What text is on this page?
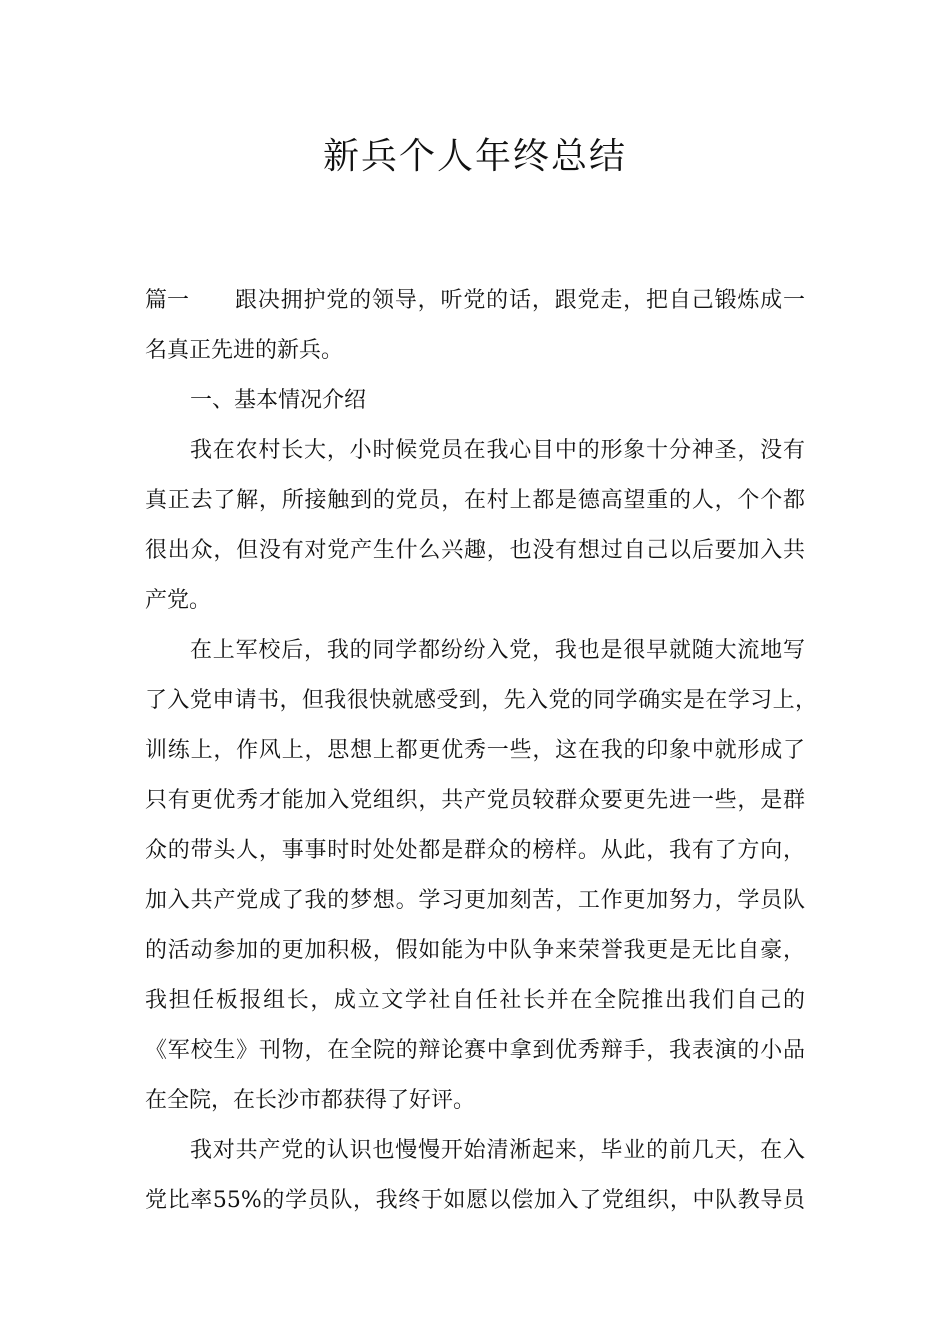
新兵个人年终总结
篇一 跟决拥护党的领导，听党的话，跟党走，把自己锻炼成一
名真正先进的新兵。
一、基本情况介绍
我在农村长大，小时候党员在我心目中的形象十分神圣，没有
真正去了解，所接触到的党员，在村上都是德高望重的人，个个都
很出众，但没有对党产生什么兴趣，也没有想过自己以后要加入共
产党。
在上军校后，我的同学都纷纷入党，我也是很早就随大流地写
了入党申请书，但我很快就感受到，先入党的同学确实是在学习上，
训练上，作风上，思想上都更优秀一些，这在我的印象中就形成了
只有更优秀才能加入党组织，共产党员较群众要更先进一些，是群
众的带头人，事事时时处处都是群众的榜样。从此，我有了方向，
加入共产党成了我的梦想。学习更加刻苦，工作更加努力，学员队
的活动参加的更加积极，假如能为中队争来荣誉我更是无比自豪，
我担任板报组长，成立文学社自任社长并在全院推出我们自己的
《军校生》刊物，在全院的辩论赛中拿到优秀辩手，我表演的小品
在全院，在长沙市都获得了好评。
我对共产党的认识也慢慢开始清淅起来，毕业的前几天，在入
党比率55%的学员队，我终于如愿以偿加入了党组织，中队教导员
